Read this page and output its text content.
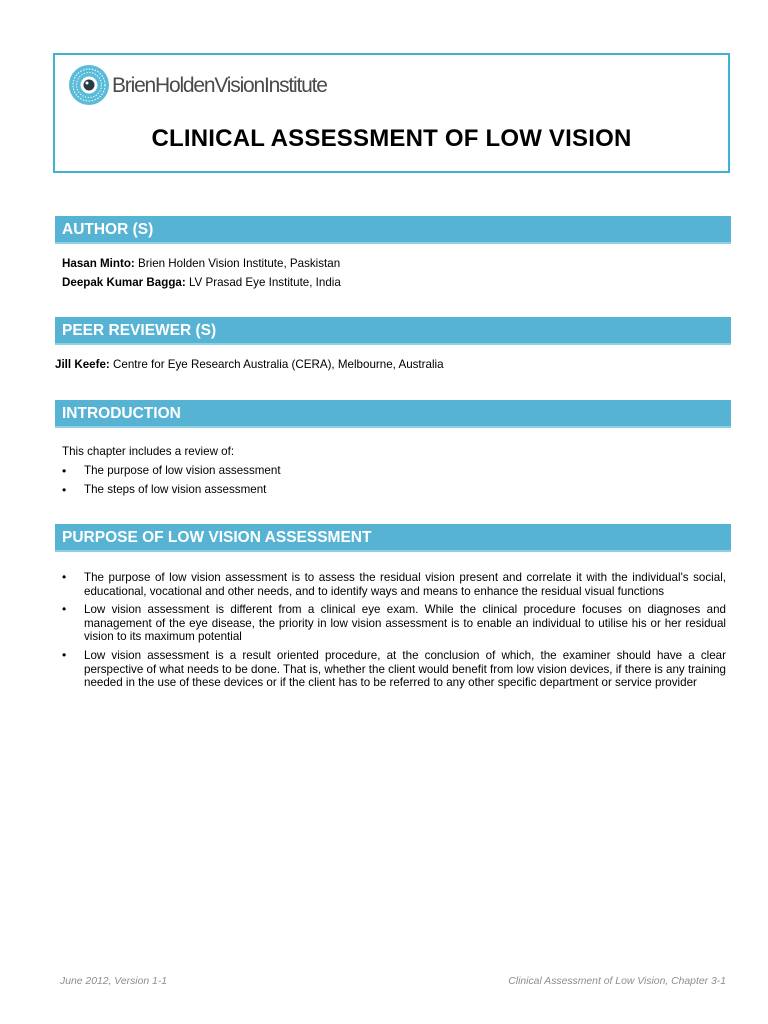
BrienHoldenVisionInstitute
CLINICAL ASSESSMENT OF LOW VISION
AUTHOR (S)

Hasan Minto: Brien Holden Vision Institute, Paskistan

Deepak Kumar Bagga: LV Prasad Eye Institute, India

PEER REVIEWER (S)

Jill Keefe: Centre for Eye Research Australia (CERA), Melbourne, Australia

INTRODUCTION

This chapter includes a review of:

• The purpose of low vision assessment
• The steps of low vision assessment
PURPOSE OF LOW VISION ASSESSMENT
• The purpose of low vision assessment is to assess the residual vision present and correlate it with the individual's social, educational, vocational and other needs, and to identify ways and means to enhance the residual visual functions
• Low vision assessment is different from a clinical eye exam. While the clinical procedure focuses on diagnoses and management of the eye disease, the priority in low vision assessment is to enable an individual to utilise his or her residual vision to its maximum potential
• Low vision assessment is a result oriented procedure, at the conclusion of which, the examiner should have a clear perspective of what needs to be done. That is, whether the client would benefit from low vision devices, if there is any training needed in the use of these devices or if the client has to be referred to any other specific department or service provider
June 2012, Version 1-1	Clinical Assessment of Low Vision, Chapter 3-1
